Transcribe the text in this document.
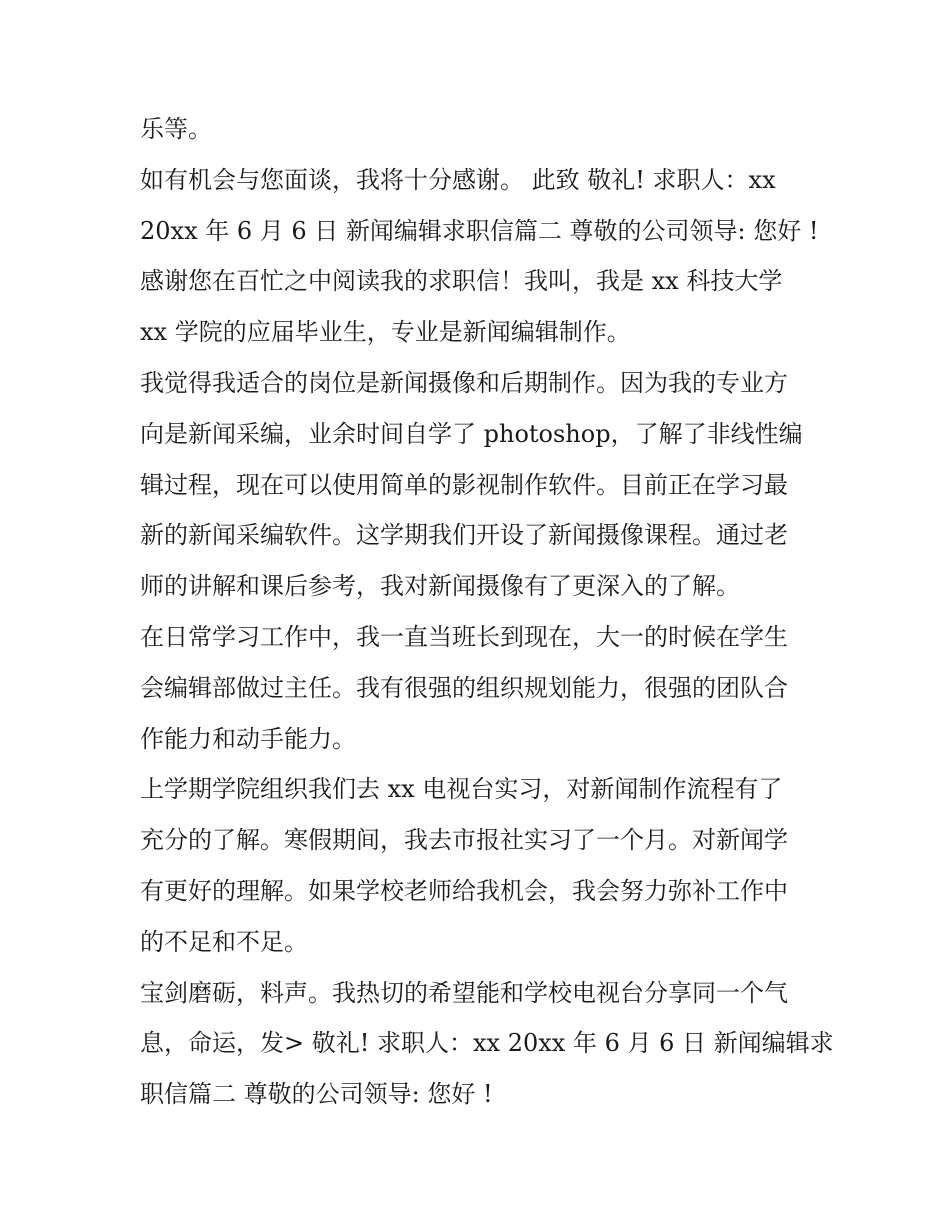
乐等。
如有机会与您面谈，我将十分感谢。 此致 敬礼! 求职人：xx
20xx 年 6 月 6 日 新闻编辑求职信篇二 尊敬的公司领导: 您好 !
感谢您在百忙之中阅读我的求职信！我叫，我是 xx 科技大学
xx 学院的应届毕业生，专业是新闻编辑制作。
我觉得我适合的岗位是新闻摄像和后期制作。因为我的专业方
向是新闻采编，业余时间自学了 photoshop，了解了非线性编
辑过程，现在可以使用简单的影视制作软件。目前正在学习最
新的新闻采编软件。这学期我们开设了新闻摄像课程。通过老
师的讲解和课后参考，我对新闻摄像有了更深入的了解。
在日常学习工作中，我一直当班长到现在，大一的时候在学生
会编辑部做过主任。我有很强的组织规划能力，很强的团队合
作能力和动手能力。
上学期学院组织我们去 xx 电视台实习，对新闻制作流程有了
充分的了解。寒假期间，我去市报社实习了一个月。对新闻学
有更好的理解。如果学校老师给我机会，我会努力弥补工作中
的不足和不足。
宝剑磨砺，料声。我热切的希望能和学校电视台分享同一个气
息，命运，发> 敬礼! 求职人：xx 20xx 年 6 月 6 日 新闻编辑求
职信篇二 尊敬的公司领导: 您好 !
